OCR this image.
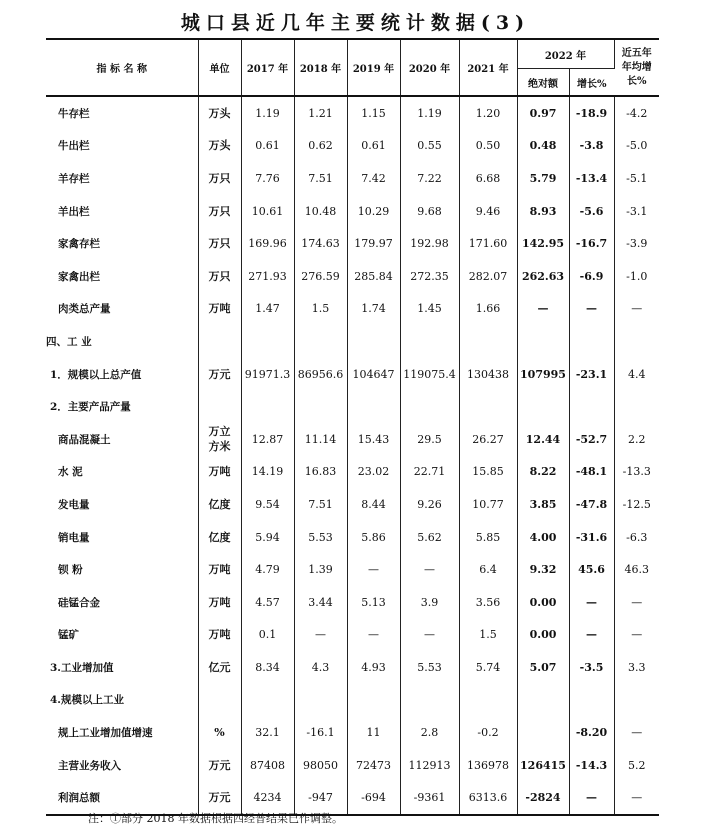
城口县近几年主要统计数据(3)
指 标 名 称	单位	2017 年	2018 年	2019 年	2020 年	2021 年	2022 年		近五年
年均增
长%
							绝对额	增长%	
牛存栏	万头	1.19	1.21	1.15	1.19	1.20	0.97	-18.9	-4.2
牛出栏	万头	0.61	0.62	0.61	0.55	0.50	0.48	-3.8	-5.0
羊存栏	万只	7.76	7.51	7.42	7.22	6.68	5.79	-13.4	-5.1
羊出栏	万只	10.61	10.48	10.29	9.68	9.46	8.93	-5.6	-3.1
家禽存栏	万只	169.96	174.63	179.97	192.98	171.60	142.95	-16.7	-3.9
家禽出栏	万只	271.93	276.59	285.84	272.35	282.07	262.63	-6.9	-1.0
肉类总产量	万吨	1.47	1.5	1.74	1.45	1.66	—	—	—
四、工 业									
1．规模以上总产值	万元	91971.3	86956.6	104647	119075.4	130438	107995	-23.1	4.4
2．主要产品产量									
商品混凝土	万立
方米	12.87	11.14	15.43	29.5	26.27	12.44	-52.7	2.2
水 泥	万吨	14.19	16.83	23.02	22.71	15.85	8.22	-48.1	-13.3
发电量	亿度	9.54	7.51	8.44	9.26	10.77	3.85	-47.8	-12.5
销电量	亿度	5.94	5.53	5.86	5.62	5.85	4.00	-31.6	-6.3
钡 粉	万吨	4.79	1.39	—	—	6.4	9.32	45.6	46.3
硅锰合金	万吨	4.57	3.44	5.13	3.9	3.56	0.00	—	—
锰矿	万吨	0.1	—	—	—	1.5	0.00	—	—
3.工业增加值	亿元	8.34	4.3	4.93	5.53	5.74	5.07	-3.5	3.3
4.规模以上工业									
规上工业增加值增速	%	32.1	-16.1	11	2.8	-0.2		-8.20	—
主营业务收入	万元	87408	98050	72473	112913	136978	126415	-14.3	5.2
利润总额	万元	4234	-947	-694	-9361	6313.6	-2824	—	—
注：①部分 2018 年数据根据四经普结果已作调整。
